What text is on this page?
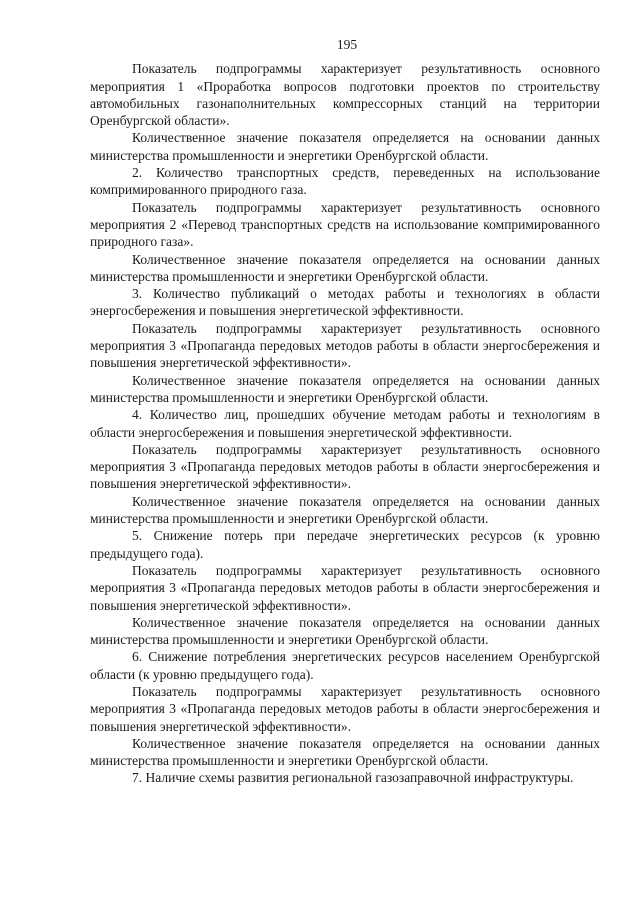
195

Показатель подпрограммы характеризует результативность основного мероприятия 1 «Проработка вопросов подготовки проектов по строительству автомобильных газонаполнительных компрессорных станций на территории Оренбургской области».

Количественное значение показателя определяется на основании данных министерства промышленности и энергетики Оренбургской области.

2. Количество транспортных средств, переведенных на использование компримированного природного газа.

Показатель подпрограммы характеризует результативность основного мероприятия 2 «Перевод транспортных средств на использование компримированного природного газа».

Количественное значение показателя определяется на основании данных министерства промышленности и энергетики Оренбургской области.

3. Количество публикаций о методах работы и технологиях в области энергосбережения и повышения энергетической эффективности.

Показатель подпрограммы характеризует результативность основного мероприятия 3 «Пропаганда передовых методов работы в области энергосбережения и повышения энергетической эффективности».

Количественное значение показателя определяется на основании данных министерства промышленности и энергетики Оренбургской области.

4. Количество лиц, прошедших обучение методам работы и технологиям в области энергосбережения и повышения энергетической эффективности.

Показатель подпрограммы характеризует результативность основного мероприятия 3 «Пропаганда передовых методов работы в области энергосбережения и повышения энергетической эффективности».

Количественное значение показателя определяется на основании данных министерства промышленности и энергетики Оренбургской области.

5. Снижение потерь при передаче энергетических ресурсов (к уровню предыдущего года).

Показатель подпрограммы характеризует результативность основного мероприятия 3 «Пропаганда передовых методов работы в области энергосбережения и повышения энергетической эффективности».

Количественное значение показателя определяется на основании данных министерства промышленности и энергетики Оренбургской области.

6. Снижение потребления энергетических ресурсов населением Оренбургской области (к уровню предыдущего года).

Показатель подпрограммы характеризует результативность основного мероприятия 3 «Пропаганда передовых методов работы в области энергосбережения и повышения энергетической эффективности».

Количественное значение показателя определяется на основании данных министерства промышленности и энергетики Оренбургской области.

7. Наличие схемы развития региональной газозаправочной инфраструктуры.
